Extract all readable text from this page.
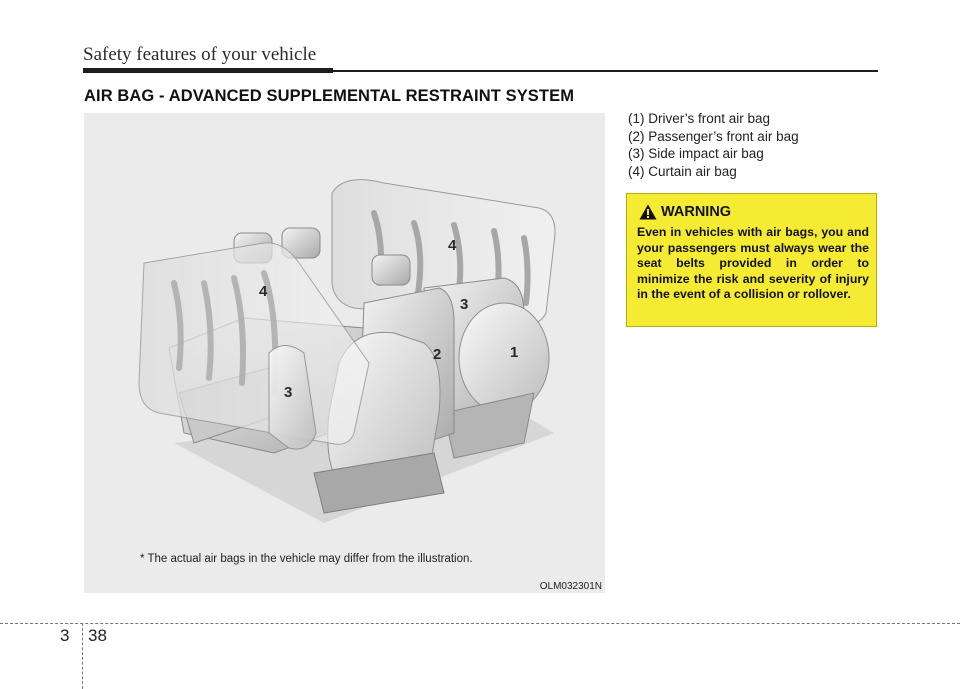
Safety features of your vehicle
AIR BAG - ADVANCED SUPPLEMENTAL RESTRAINT SYSTEM
1
2
3
3
4
4
* The actual air bags in the vehicle may differ from the illustration.
OLM032301N
(1) Driver’s front air bag
(2) Passenger’s front air bag
(3) Side impact air bag
(4) Curtain air bag
WARNING
Even in vehicles with air bags, you and your passengers must always wear the seat belts provided in order to minimize the risk and severity of injury in the event of a collision or rollover.
3 38
